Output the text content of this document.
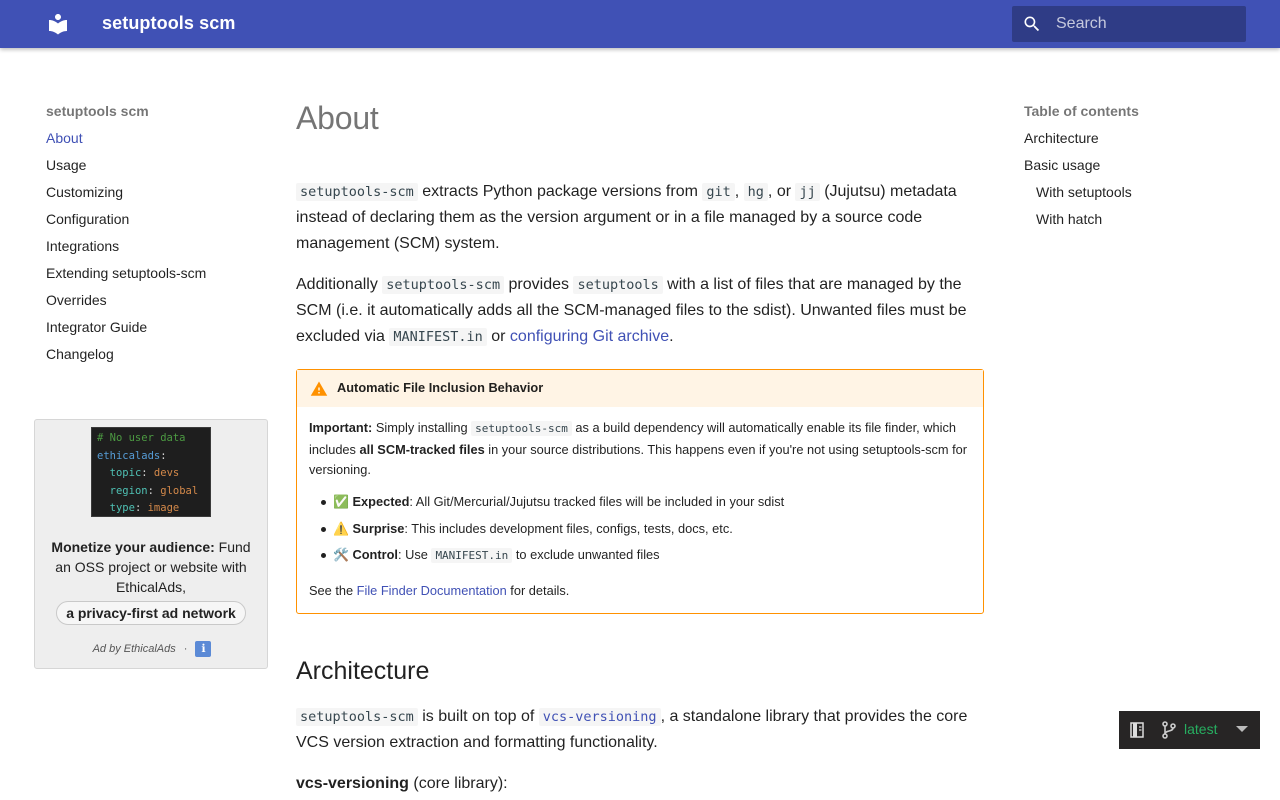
setuptools scm
Search
setuptools scm
About
Usage
Customizing
Configuration
Integrations
Extending setuptools-scm
Overrides
Integrator Guide
Changelog
# No user data
ethicalads:
topic: devs
region: global
type: image
Monetize your audience: Fund an OSS project or website with EthicalAds,
a privacy-first ad network
Ad by EthicalAds · ℹ
About

setuptools-scm extracts Python package versions from git , hg , or jj (Jujutsu) metadata instead of declaring them as the version argument or in a file managed by a source code management (SCM) system.

Additionally setuptools-scm provides setuptools with a list of files that are managed by the SCM (i.e. it automatically adds all the SCM-managed files to the sdist). Unwanted files must be excluded via MANIFEST.in or configuring Git archive.

Automatic File Inclusion Behavior
Important: Simply installing setuptools-scm as a build dependency will automatically enable its file finder, which includes all SCM-tracked files in your source distributions. This happens even if you're not using setuptools-scm for versioning.
✅ Expected: All Git/Mercurial/Jujutsu tracked files will be included in your sdist
⚠️ Surprise: This includes development files, configs, tests, docs, etc.
🛠️ Control: Use MANIFEST.in to exclude unwanted files
See the File Finder Documentation for details.
Architecture

setuptools-scm is built on top of vcs-versioning , a standalone library that provides the core VCS version extraction and formatting functionality.

vcs-versioning (core library):

Table of contents
Architecture
Basic usage
With setuptools
With hatch
latest
